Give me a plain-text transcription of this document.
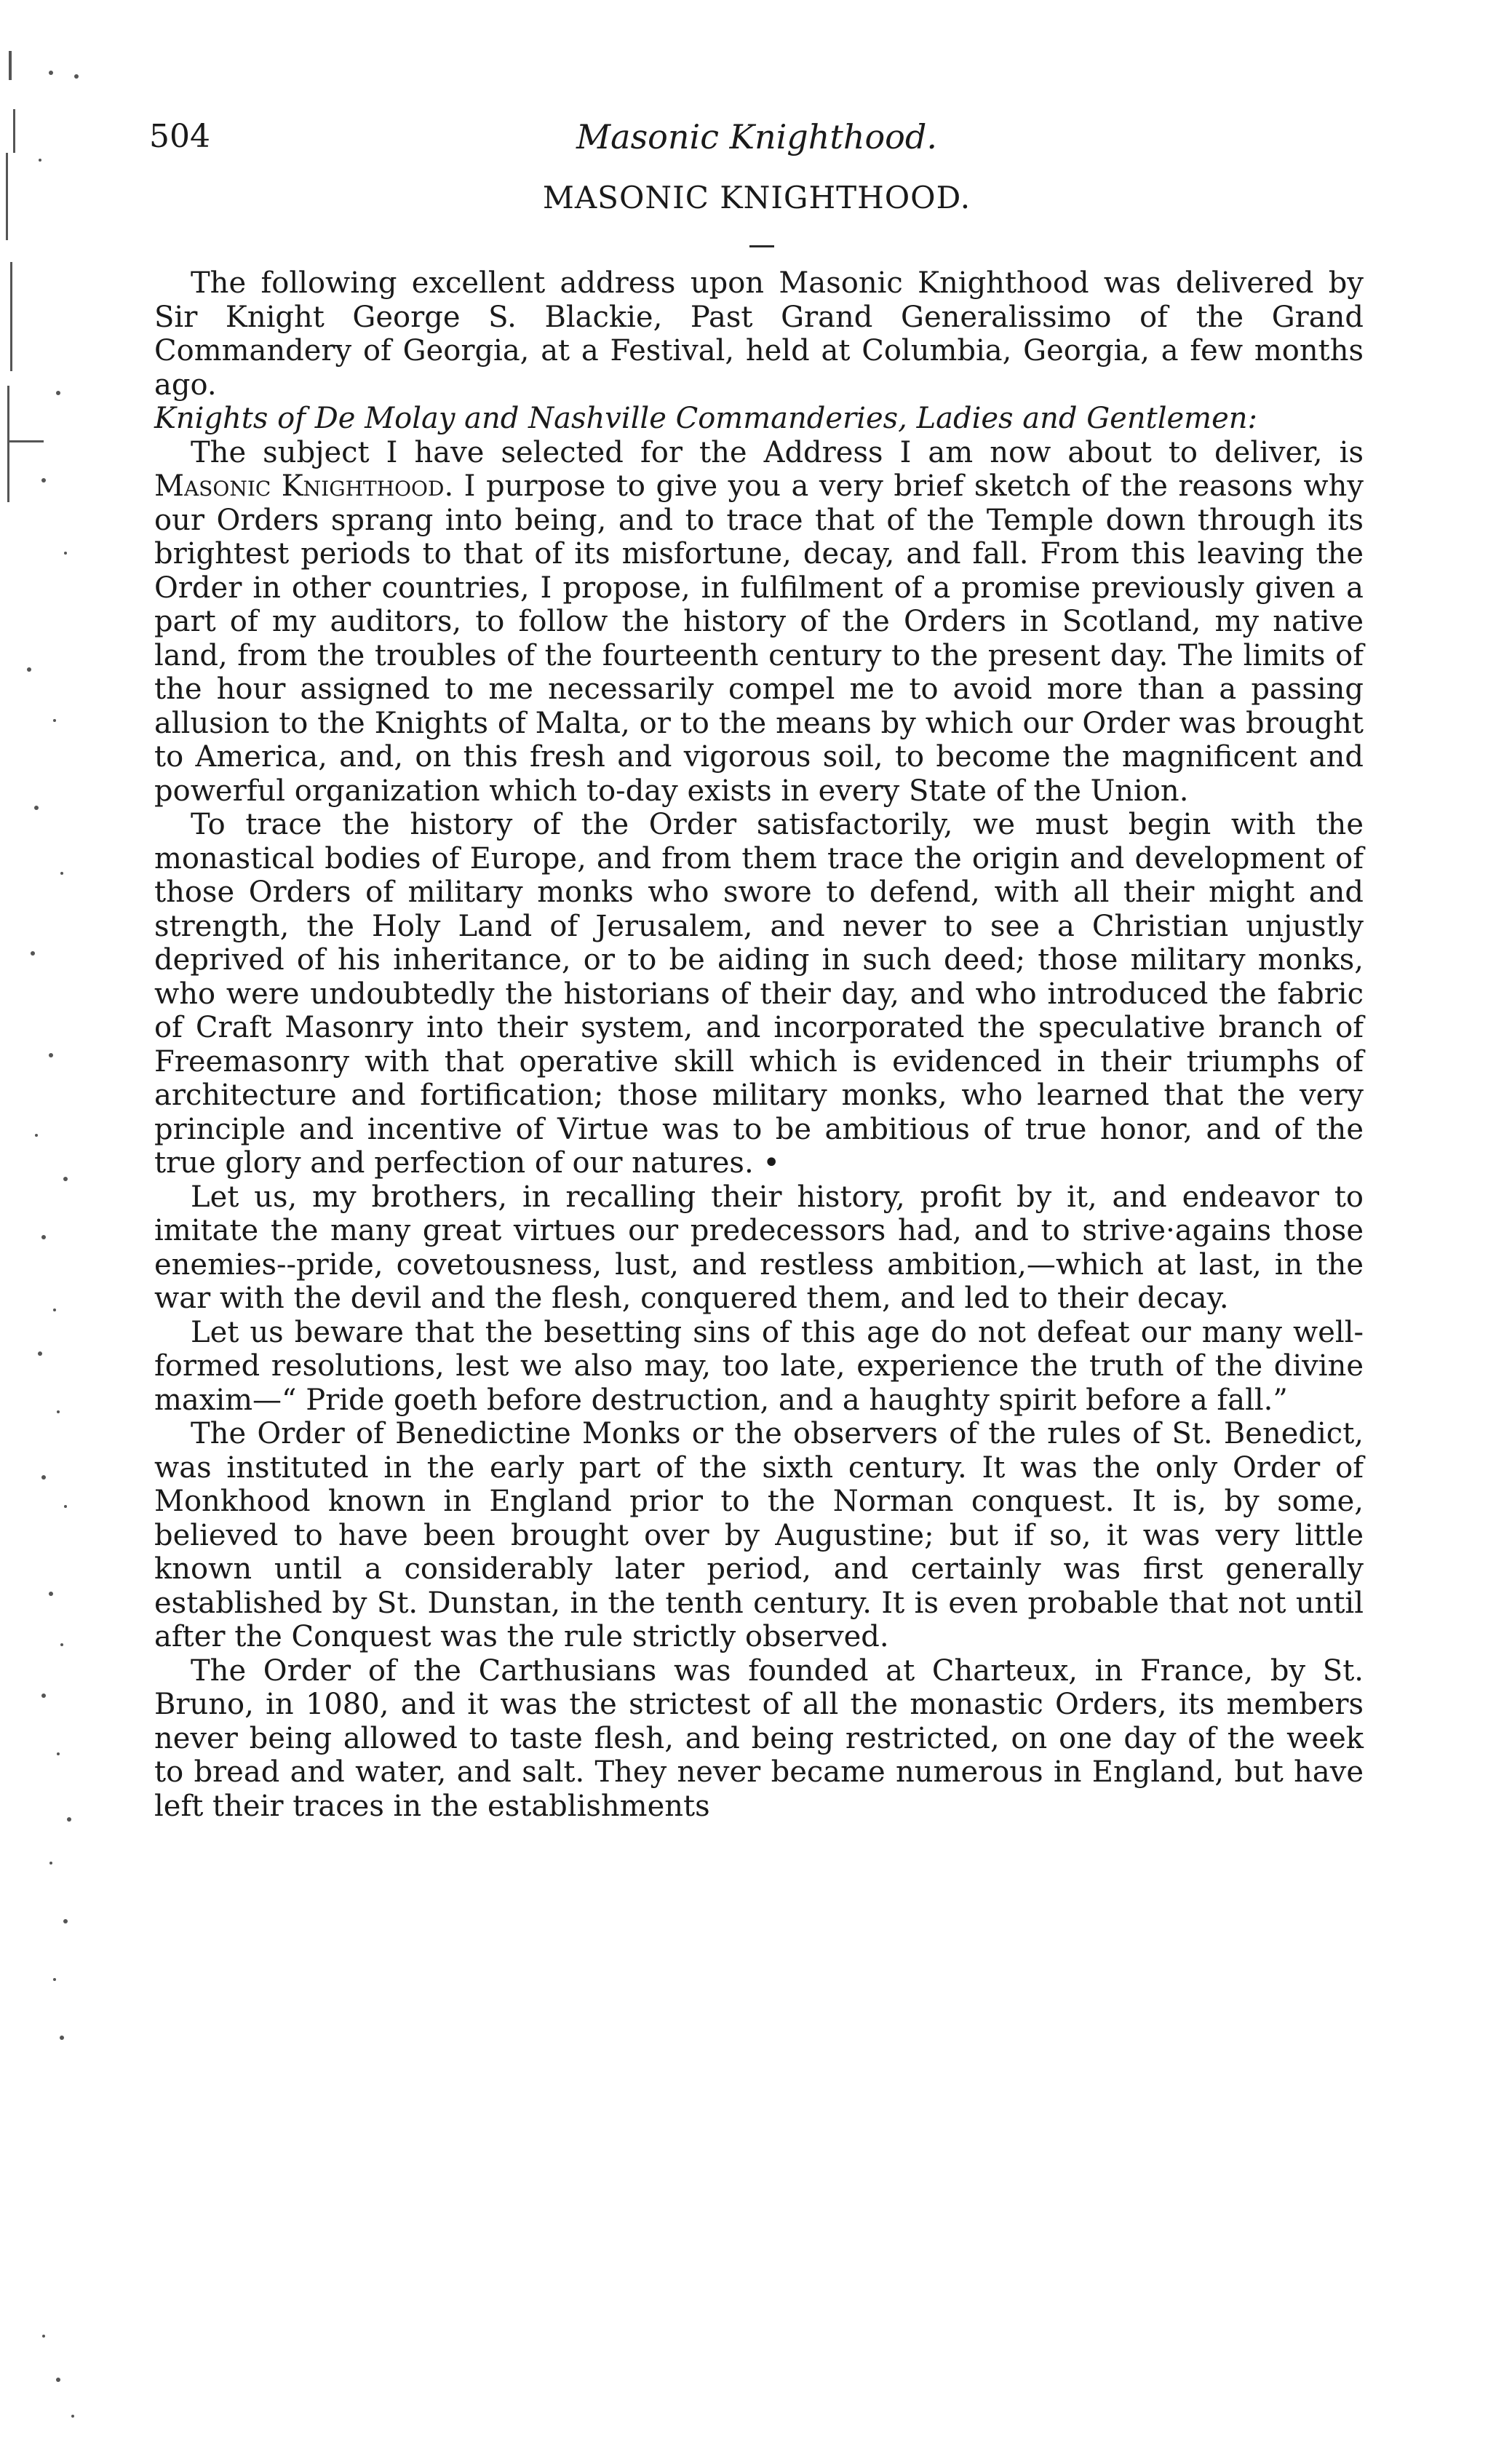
504	Masonic Knighthood.
MASONIC KNIGHTHOOD.

The following excellent address upon Masonic Knighthood was delivered by Sir Knight George S. Blackie, Past Grand Generalissimo of the Grand Commandery of Georgia, at a Festival, held at Columbia, Georgia, a few months ago.

Knights of De Molay and Nashville Commanderies, Ladies and Gentlemen:

The subject I have selected for the Address I am now about to deliver, is Masonic Knighthood. I purpose to give you a very brief sketch of the reasons why our Orders sprang into being, and to trace that of the Temple down through its brightest periods to that of its misfortune, decay, and fall. From this leaving the Order in other countries, I propose, in fulfilment of a promise previously given a part of my auditors, to follow the history of the Orders in Scotland, my native land, from the troubles of the fourteenth century to the present day. The limits of the hour assigned to me necessarily compel me to avoid more than a passing allusion to the Knights of Malta, or to the means by which our Order was brought to America, and, on this fresh and vigorous soil, to become the magnificent and powerful organization which to-day exists in every State of the Union.

To trace the history of the Order satisfactorily, we must begin with the monastical bodies of Europe, and from them trace the origin and development of those Orders of military monks who swore to defend, with all their might and strength, the Holy Land of Jerusalem, and never to see a Christian unjustly deprived of his inheritance, or to be aiding in such deed; those military monks, who were undoubtedly the historians of their day, and who introduced the fabric of Craft Masonry into their system, and incorporated the speculative branch of Freemasonry with that operative skill which is evidenced in their triumphs of architecture and fortification; those military monks, who learned that the very principle and incentive of Virtue was to be ambitious of true honor, and of the true glory and perfection of our natures. •

Let us, my brothers, in recalling their history, profit by it, and endeavor to imitate the many great virtues our predecessors had, and to strive·agains those enemies--pride, covetousness, lust, and restless ambition,—which at last, in the war with the devil and the flesh, conquered them, and led to their decay.

Let us beware that the besetting sins of this age do not defeat our many well-formed resolutions, lest we also may, too late, experience the truth of the divine maxim—“ Pride goeth before destruction, and a haughty spirit before a fall.”

The Order of Benedictine Monks or the observers of the rules of St. Benedict, was instituted in the early part of the sixth century. It was the only Order of Monkhood known in England prior to the Norman conquest. It is, by some, believed to have been brought over by Augustine; but if so, it was very little known until a considerably later period, and certainly was first generally established by St. Dunstan, in the tenth century. It is even probable that not until after the Conquest was the rule strictly observed.

The Order of the Carthusians was founded at Charteux, in France, by St. Bruno, in 1080, and it was the strictest of all the monastic Orders, its members never being allowed to taste flesh, and being restricted, on one day of the week to bread and water, and salt. They never became numerous in England, but have left their traces in the establishments
